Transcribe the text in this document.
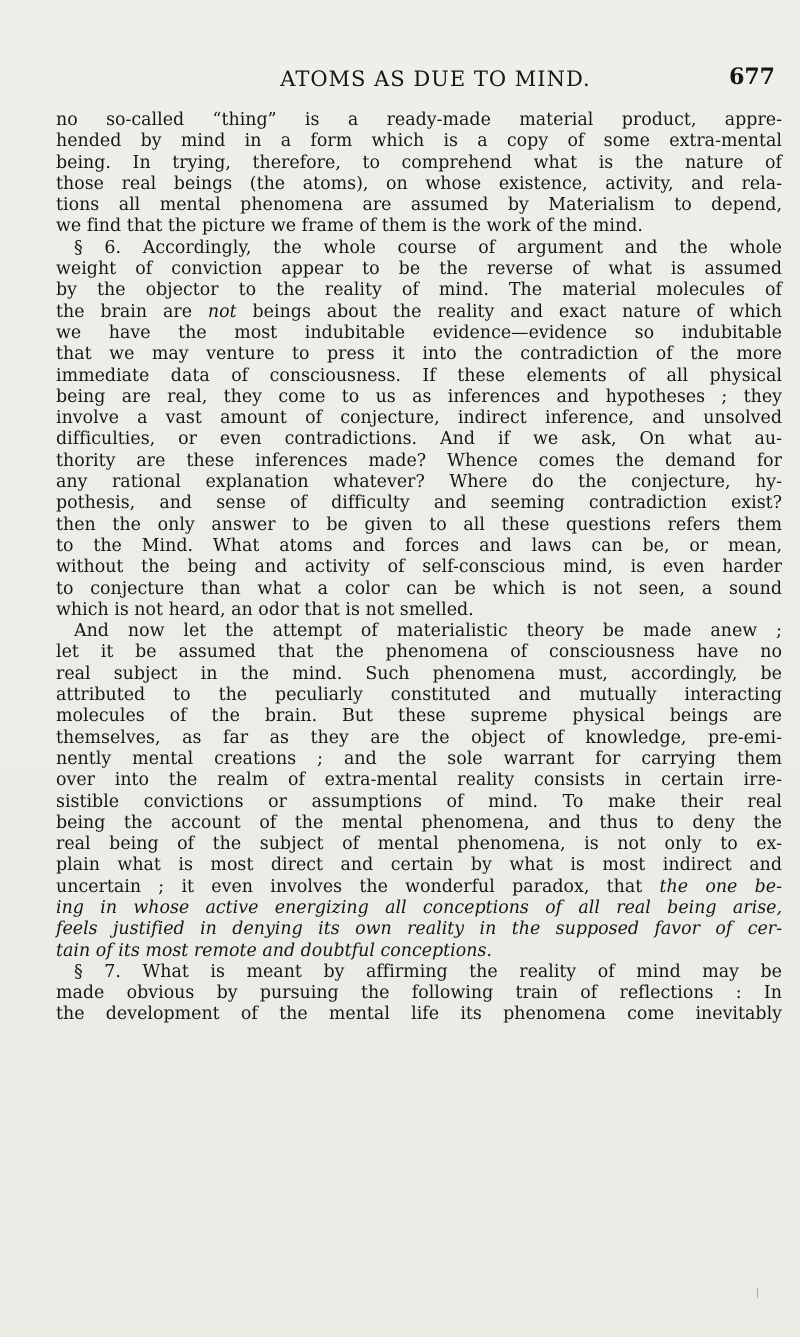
ATOMS AS DUE TO MIND.	677
no so-called “thing” is a ready-made material product, appre-
hended by mind in a form which is a copy of some extra-mental
being. In trying, therefore, to comprehend what is the nature of
those real beings (the atoms), on whose existence, activity, and rela-
tions all mental phenomena are assumed by Materialism to depend,
we find that the picture we frame of them is the work of the mind.
§ 6. Accordingly, the whole course of argument and the whole
weight of conviction appear to be the reverse of what is assumed
by the objector to the reality of mind. The material molecules of
the brain are not beings about the reality and exact nature of which
we have the most indubitable evidence—evidence so indubitable
that we may venture to press it into the contradiction of the more
immediate data of consciousness. If these elements of all physical
being are real, they come to us as inferences and hypotheses ; they
involve a vast amount of conjecture, indirect inference, and unsolved
difficulties, or even contradictions. And if we ask, On what au-
thority are these inferences made? Whence comes the demand for
any rational explanation whatever? Where do the conjecture, hy-
pothesis, and sense of difficulty and seeming contradiction exist?
then the only answer to be given to all these questions refers them
to the Mind. What atoms and forces and laws can be, or mean,
without the being and activity of self-conscious mind, is even harder
to conjecture than what a color can be which is not seen, a sound
which is not heard, an odor that is not smelled.
And now let the attempt of materialistic theory be made anew ;
let it be assumed that the phenomena of consciousness have no
real subject in the mind. Such phenomena must, accordingly, be
attributed to the peculiarly constituted and mutually interacting
molecules of the brain. But these supreme physical beings are
themselves, as far as they are the object of knowledge, pre-emi-
nently mental creations ; and the sole warrant for carrying them
over into the realm of extra-mental reality consists in certain irre-
sistible convictions or assumptions of mind. To make their real
being the account of the mental phenomena, and thus to deny the
real being of the subject of mental phenomena, is not only to ex-
plain what is most direct and certain by what is most indirect and
uncertain ; it even involves the wonderful paradox, that the one be-
ing in whose active energizing all conceptions of all real being arise,
feels justified in denying its own reality in the supposed favor of cer-
tain of its most remote and doubtful conceptions.
§ 7. What is meant by affirming the reality of mind may be
made obvious by pursuing the following train of reflections : In
the development of the mental life its phenomena come inevitably
